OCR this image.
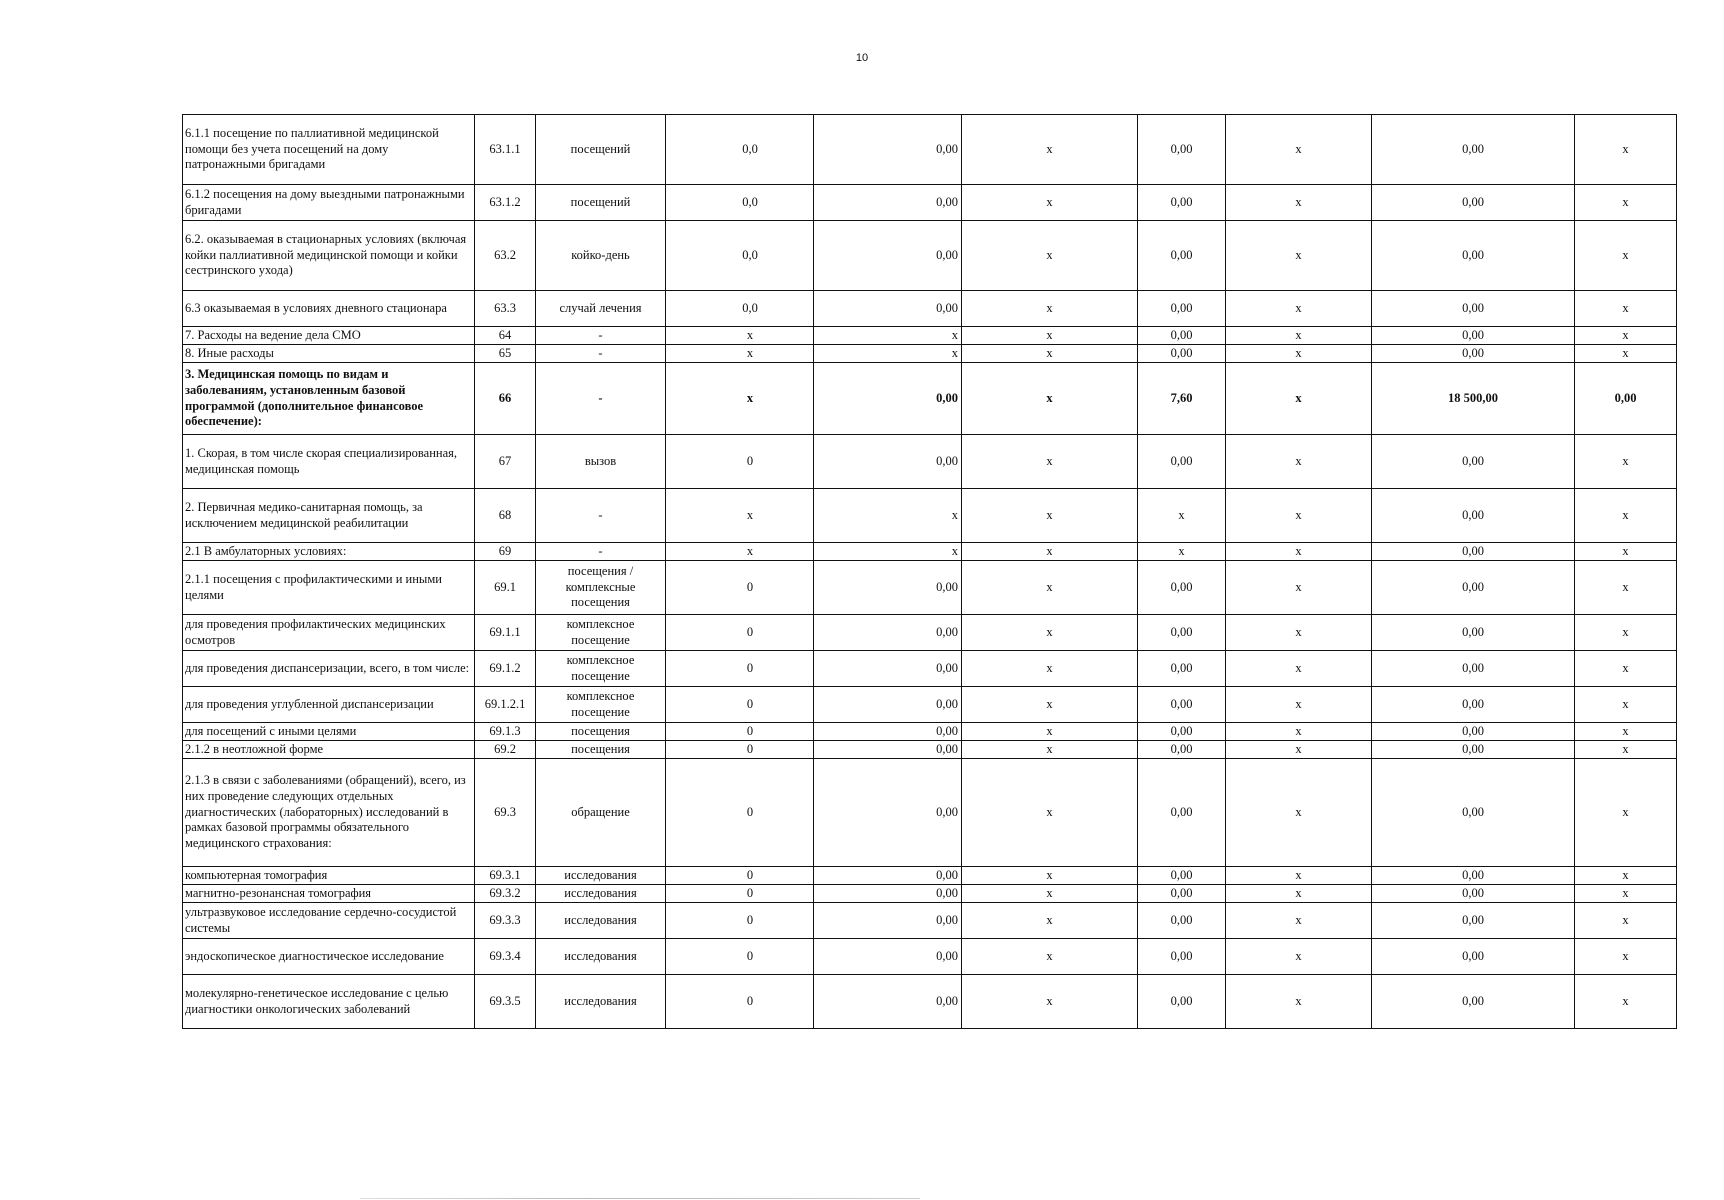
10
6.1.1 посещение по паллиативной медицинской помощи без учета посещений на дому патронажными бригадами	63.1.1	посещений	0,0	0,00	х	0,00	х	0,00	х
6.1.2 посещения на дому выездными патронажными бригадами	63.1.2	посещений	0,0	0,00	х	0,00	х	0,00	х
6.2. оказываемая в стационарных условиях (включая койки паллиативной медицинской помощи и койки сестринского ухода)	63.2	койко-день	0,0	0,00	х	0,00	х	0,00	х
6.3 оказываемая в условиях дневного стационара	63.3	случай лечения	0,0	0,00	х	0,00	х	0,00	х
7. Расходы на ведение дела СМО	64	-	х	х	х	0,00	х	0,00	х
8. Иные расходы	65	-	х	х	х	0,00	х	0,00	х
3. Медицинская помощь по видам и заболеваниям, установленным базовой программой (дополнительное финансовое обеспечение):	66	-	х	0,00	х	7,60	х	18 500,00	0,00
1. Скорая, в том числе скорая специализированная, медицинская помощь	67	вызов	0	0,00	х	0,00	х	0,00	х
2. Первичная медико-санитарная помощь, за исключением медицинской реабилитации	68	-	х	х	х	х	х	0,00	х
2.1 В амбулаторных условиях:	69	-	х	х	х	х	х	0,00	х
2.1.1 посещения с профилактическими и иными целями	69.1	посещения / комплексные посещения	0	0,00	х	0,00	х	0,00	х
для проведения профилактических медицинских осмотров	69.1.1	комплексное посещение	0	0,00	х	0,00	х	0,00	х
для проведения диспансеризации, всего, в том числе:	69.1.2	комплексное посещение	0	0,00	х	0,00	х	0,00	х
для проведения углубленной диспансеризации	69.1.2.1	комплексное посещение	0	0,00	х	0,00	х	0,00	х
для посещений с иными целями	69.1.3	посещения	0	0,00	х	0,00	х	0,00	х
2.1.2 в неотложной форме	69.2	посещения	0	0,00	х	0,00	х	0,00	х
2.1.3 в связи с заболеваниями (обращений), всего, из них проведение следующих отдельных диагностических (лабораторных) исследований в рамках базовой программы обязательного медицинского страхования:	69.3	обращение	0	0,00	х	0,00	х	0,00	х
компьютерная томография	69.3.1	исследования	0	0,00	х	0,00	х	0,00	х
магнитно-резонансная томография	69.3.2	исследования	0	0,00	х	0,00	х	0,00	х
ультразвуковое исследование сердечно-сосудистой системы	69.3.3	исследования	0	0,00	х	0,00	х	0,00	х
эндоскопическое диагностическое исследование	69.3.4	исследования	0	0,00	х	0,00	х	0,00	х
молекулярно-генетическое исследование с целью диагностики онкологических заболеваний	69.3.5	исследования	0	0,00	х	0,00	х	0,00	х
